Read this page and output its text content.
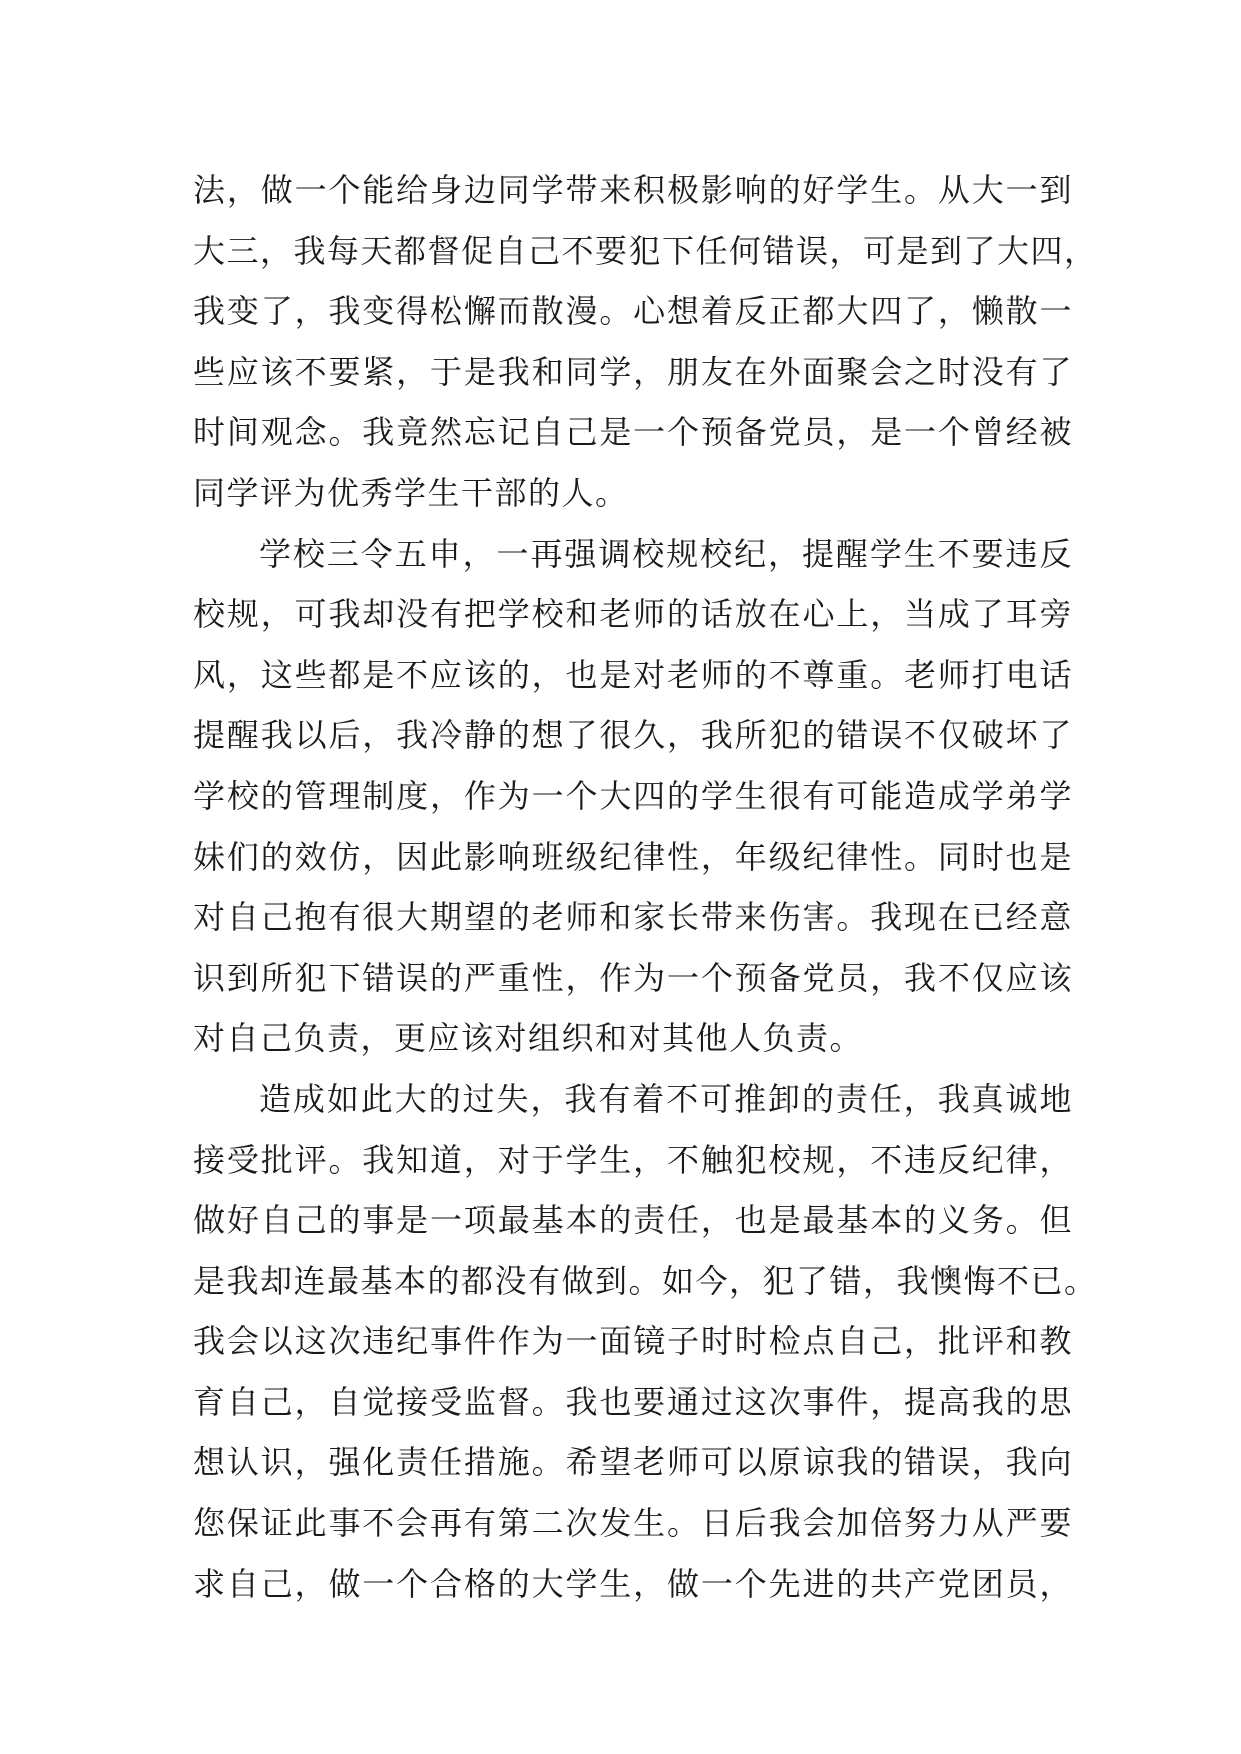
法，做一个能给身边同学带来积极影响的好学生。从大一到
大三，我每天都督促自己不要犯下任何错误，可是到了大四，
我变了，我变得松懈而散漫。心想着反正都大四了，懒散一
些应该不要紧，于是我和同学，朋友在外面聚会之时没有了
时间观念。我竟然忘记自己是一个预备党员，是一个曾经被
同学评为优秀学生干部的人。
学校三令五申，一再强调校规校纪，提醒学生不要违反
校规，可我却没有把学校和老师的话放在心上，当成了耳旁
风，这些都是不应该的，也是对老师的不尊重。老师打电话
提醒我以后，我冷静的想了很久，我所犯的错误不仅破坏了
学校的管理制度，作为一个大四的学生很有可能造成学弟学
妹们的效仿，因此影响班级纪律性，年级纪律性。同时也是
对自己抱有很大期望的老师和家长带来伤害。我现在已经意
识到所犯下错误的严重性，作为一个预备党员，我不仅应该
对自己负责，更应该对组织和对其他人负责。
造成如此大的过失，我有着不可推卸的责任，我真诚地
接受批评。我知道，对于学生，不触犯校规，不违反纪律，
做好自己的事是一项最基本的责任，也是最基本的义务。但
是我却连最基本的都没有做到。如今，犯了错，我懊悔不已。
我会以这次违纪事件作为一面镜子时时检点自己，批评和教
育自己，自觉接受监督。我也要通过这次事件，提高我的思
想认识，强化责任措施。希望老师可以原谅我的错误，我向
您保证此事不会再有第二次发生。日后我会加倍努力从严要
求自己，做一个合格的大学生，做一个先进的共产党团员，
